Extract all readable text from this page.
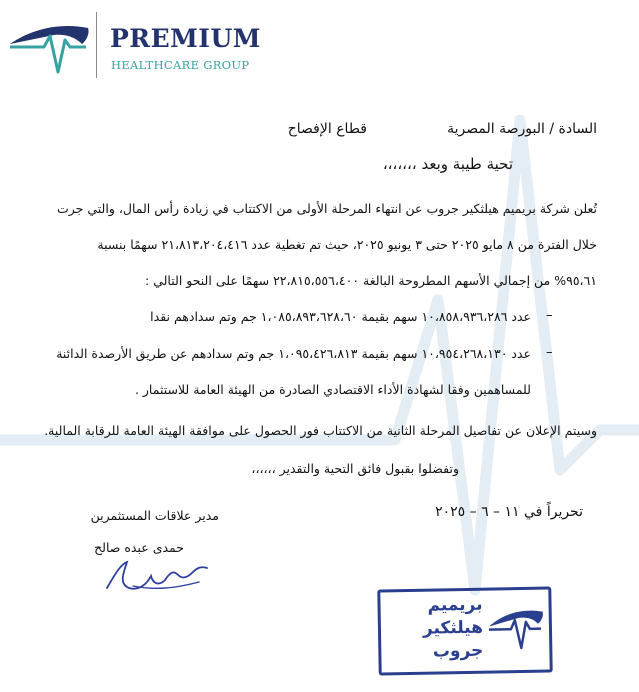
PREMIUM
HEALTHCARE GROUP
السادة / البورصة المصرية
قطاع الإفصاح
تحية طيبة وبعد ،،،،،،،
تُعلن شركة بريميم هيلثكير جروب عن انتهاء المرحلة الأولى من الاكتتاب في زيادة رأس المال، والتي جرت
خلال الفترة من ٨ مايو ٢٠٢٥ حتى ٣ يونيو ٢٠٢٥، حيث تم تغطية عدد ٢١،٨١٣،٢٠٤،٤١٦ سهمًا بنسبة
٩٥،٦١% من إجمالي الأسهم المطروحة البالغة ٢٢،٨١٥،٥٥٦،٤٠٠ سهمًا على النحو التالي :
–
عدد ١٠،٨٥٨،٩٣٦،٢٨٦ سهم بقيمة ١،٠٨٥،٨٩٣،٦٢٨،٦٠ جم وتم سدادهم نقدا
–
عدد ١٠،٩٥٤،٢٦٨،١٣٠ سهم بقيمة ١،٠٩٥،٤٢٦،٨١٣ جم وتم سدادهم عن طريق الأرصدة الدائنة
للمساهمين وفقا لشهادة الأداء الاقتصادي الصادرة من الهيئة العامة للاستثمار .
وسيتم الإعلان عن تفاصيل المرحلة الثانية من الاكتتاب فور الحصول على موافقة الهيئة العامة للرقابة المالية.
وتفضلوا بقبول فائق التحية والتقدير ،،،،،،
تحريراً في ١١ – ٦ – ٢٠٢٥
مدير علاقات المستثمرين
حمدى عبده صالح
بريميم
هيلثكير
جروب
